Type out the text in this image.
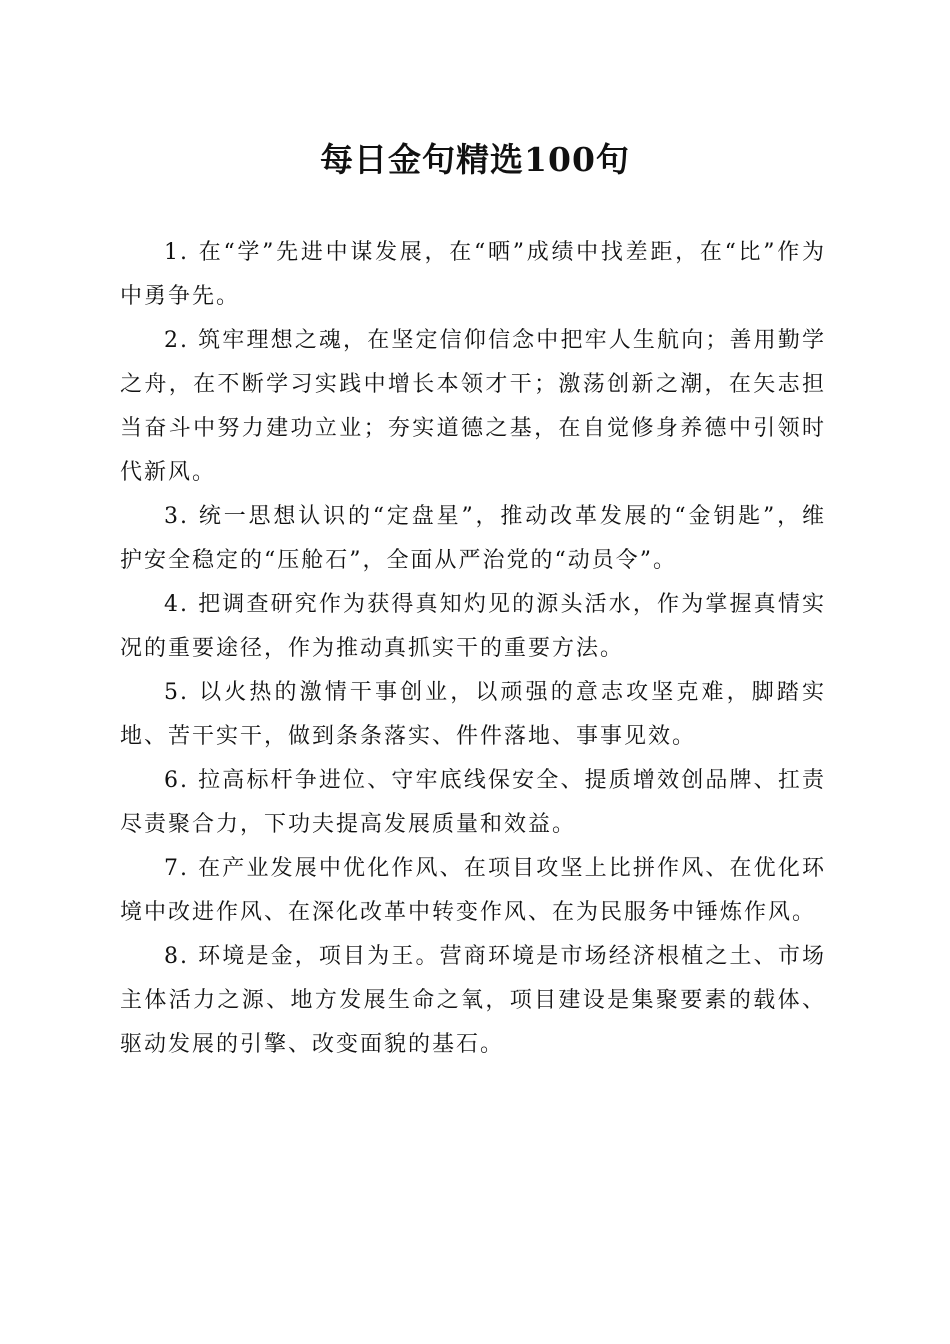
每日金句精选100句

1. 在“学”先进中谋发展，在“晒”成绩中找差距，在“比”作为中勇争先。

2. 筑牢理想之魂，在坚定信仰信念中把牢人生航向；善用勤学之舟，在不断学习实践中增长本领才干；激荡创新之潮，在矢志担当奋斗中努力建功立业；夯实道德之基，在自觉修身养德中引领时代新风。

3. 统一思想认识的“定盘星”，推动改革发展的“金钥匙”，维护安全稳定的“压舱石”，全面从严治党的“动员令”。

4. 把调查研究作为获得真知灼见的源头活水，作为掌握真情实况的重要途径，作为推动真抓实干的重要方法。

5. 以火热的激情干事创业，以顽强的意志攻坚克难，脚踏实地、苦干实干，做到条条落实、件件落地、事事见效。

6. 拉高标杆争进位、守牢底线保安全、提质增效创品牌、扛责尽责聚合力，下功夫提高发展质量和效益。

7. 在产业发展中优化作风、在项目攻坚上比拼作风、在优化环境中改进作风、在深化改革中转变作风、在为民服务中锤炼作风。

8. 环境是金，项目为王。营商环境是市场经济根植之土、市场主体活力之源、地方发展生命之氧，项目建设是集聚要素的载体、驱动发展的引擎、改变面貌的基石。
